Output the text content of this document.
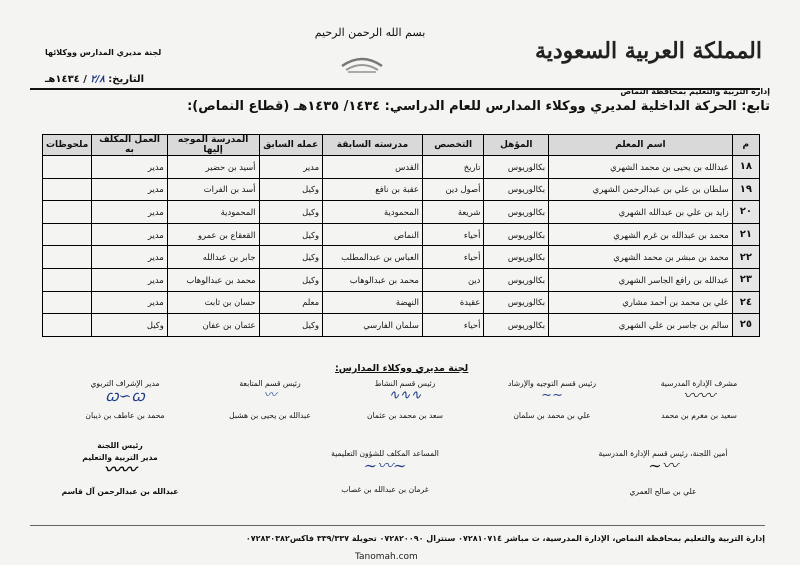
بسم الله الرحمن الرحيم
المملكة العربية السعودية
إدارة التربية والتعليم بمحافظة النماص
لجنة مديري المدارس ووكلائها
التاريخ: ٢/٨ / ١٤٣٤هـ
تابع: الحركة الداخلية لمديري ووكلاء المدارس للعام الدراسي: ١٤٣٤/ ١٤٣٥هـ (قطاع النماص):
م	اسم المعلم	المؤهل	التخصص	مدرسته السابقة	عمله السابق	المدرسة الموجه إليها	العمل المكلف به	ملحوظات
١٨	عبدالله بن يحيى بن محمد الشهري	بكالوريوس	تاريخ	القدس	مدير	أسيد بن حضير	مدير	
١٩	سلطان بن علي بن عبدالرحمن الشهري	بكالوريوس	أصول دين	عقبة بن نافع	وكيل	أسد بن الفرات	مدير	
٢٠	زايد بن علي بن عبدالله الشهري	بكالوريوس	شريعة	المحمودية	وكيل	المحمودية	مدير	
٢١	محمد بن عبدالله بن غرم الشهري	بكالوريوس	أحياء	النماص	وكيل	القعقاع بن عمرو	مدير	
٢٢	محمد بن مبشر بن محمد الشهري	بكالوريوس	أحياء	العباس بن عبدالمطلب	وكيل	جابر بن عبدالله	مدير	
٢٣	عبدالله بن رافع الجاسر الشهري	بكالوريوس	دين	محمد بن عبدالوهاب	وكيل	محمد بن عبدالوهاب	مدير	
٢٤	علي بن محمد بن أحمد مشاري	بكالوريوس	عقيدة	النهضة	معلم	حسان بن ثابت	مدير	
٢٥	سالم بن جاسر بن علي الشهري	بكالوريوس	أحياء	سلمان الفارسي	وكيل	عثمان بن عفان	وكيل	
لجنة مديري ووكلاء المدارس:
مشرف الإدارة المدرسية
〰〰
سعيد بن مغرم بن محمد
رئيس قسم التوجيه والإرشاد
∽∽
علي بن محمد بن سلمان
رئيس قسم النشاط
∿∿∿
سعد بن محمد بن عثمان
رئيس قسم المتابعة
〰
عبدالله بن يحيى بن هشبل
مدير الإشراف التربوي
ꞷ∽ꞷ
محمد بن عاطف بن ذيبان
أمين اللجنة، رئيس قسم الإدارة المدرسية
〰∽
علي بن صالح العمري
المساعد المكلف للشؤون التعليمية
∽〰∽
غرمان بن عبدالله بن غصاب
رئيس اللجنة
مدير التربية والتعليم
〰〰
عبدالله بن عبدالرحمن آل قاسم
إدارة التربية والتعليم بمحافظة النماص، الإدارة المدرسية، ت مباشر ٠٧٢٨١٠٧١٤ سنترال ٠٧٢٨٢٠٠٩٠ تحويلة ٣٣٩/٣٣٧ فاكس٠٧٢٨٣٠٣٨٢
Tanomah.com
